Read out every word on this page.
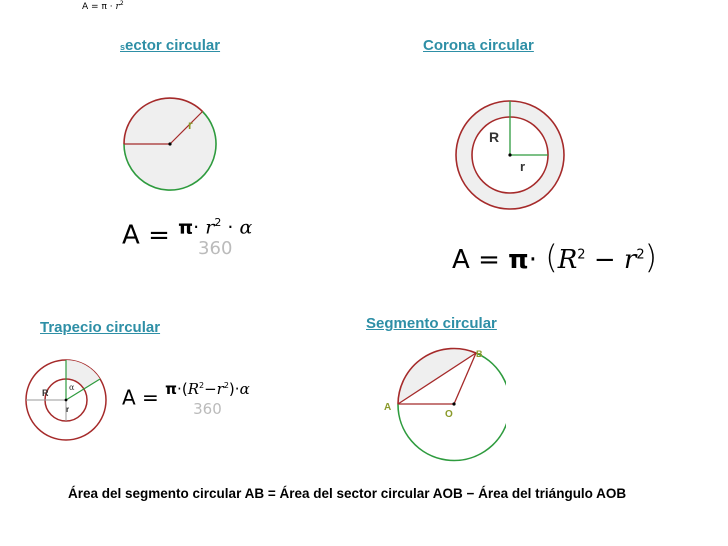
$A = \pi \cdot r^2$
sector circular
r
$A = \pi\cdot r^2 \cdot \alpha$
360
Corona circular
R
r
$A = \pi\cdot (R^2 - r^2)$
Trapecio circular
R
r
α $A = \pi\cdot(R^2-r^2)\cdot\alpha$
360
Segmento circular
A
B
O
Área del segmento circular AB = Área del sector circular AOB − Área del triángulo AOB
